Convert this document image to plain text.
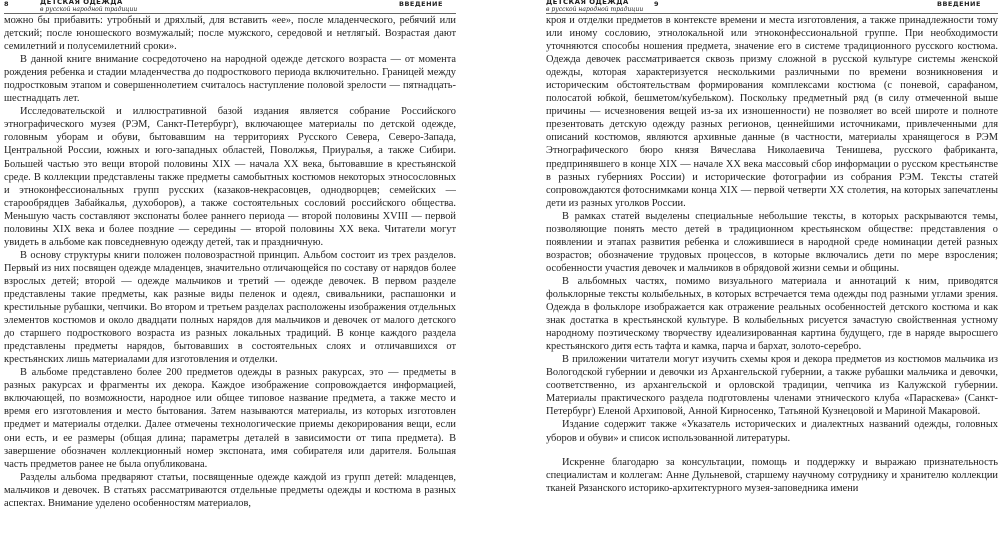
8	ДЕТСКАЯ ОДЕЖДА
в русской народной традиции
ВВЕДЕНИЕ

можно бы прибавить: утробный и дряхлый, для вставить «ее», после младенческого, ребячий или детский; после юношеского возмужалый; после мужского, середовой и нетлягый. Возрастая дают семилетний и полусемилетний сроки».

В данной книге внимание сосредоточено на народной одежде детского возраста — от момента рождения ребенка и стадии младенчества до подросткового периода включительно. Границей между подростковым этапом и совершеннолетием считалось наступление половой зрелости — пятнадцать-шестнадцать лет.

Исследовательской и иллюстративной базой издания является собрание Российского этнографического музея (РЭМ, Санкт-Петербург), включающее материалы по детской одежде, головным уборам и обуви, бытовавшим на территориях Русского Севера, Северо-Запада, Центральной России, южных и юго-западных областей, Поволжья, Приуралья, а также Сибири. Большей частью это вещи второй половины XIX — начала XX века, бытовавшие в крестьянской среде. В коллекции представлены также предметы самобытных костюмов некоторых этносословных и этноконфессиональных групп русских (казаков-некрасовцев, однодворцев; семейских — старообрядцев Забайкалья, духоборов), а также состоятельных сословий российского общества. Меньшую часть составляют экспонаты более раннего периода — второй половины XVIII — первой половины XIX века и более поздние — середины — второй половины XX века. Читатели могут увидеть в альбоме как повседневную одежду детей, так и праздничную.

В основу структуры книги положен половозрастной принцип. Альбом состоит из трех разделов. Первый из них посвящен одежде младенцев, значительно отличающейся по составу от нарядов более взрослых детей; второй — одежде мальчиков и третий — одежде девочек. В первом разделе представлены такие предметы, как разные виды пеленок и одеял, свивальники, распашонки и крестильные рубашки, чепчики. Во втором и третьем разделах расположены изображения отдельных элементов костюмов и около двадцати полных нарядов для мальчиков и девочек от малого детского до старшего подросткового возраста из разных локальных традиций. В конце каждого раздела представлены предметы нарядов, бытовавших в состоятельных слоях и отличавшихся от крестьянских лишь материалами для изготовления и отделки.

В альбоме представлено более 200 предметов одежды в разных ракурсах, это — предметы в разных ракурсах и фрагменты их декора. Каждое изображение сопровождается информацией, включающей, по возможности, народное или общее типовое название предмета, а также место и время его изготовления и место бытования. Затем называются материалы, из которых изготовлен предмет и материалы отделки. Далее отмечены технологические приемы декорирования вещи, если они есть, и ее размеры (общая длина; параметры деталей в зависимости от типа предмета). В завершение обозначен коллекционный номер экспоната, имя собирателя или дарителя. Большая часть предметов ранее не была опубликована.

Разделы альбома предваряют статьи, посвященные одежде каждой из групп детей: младенцев, мальчиков и девочек. В статьях рассматриваются отдельные предметы одежды и костюма в разных аспектах. Внимание уделено особенностям материалов,

ДЕТСКАЯ ОДЕЖДА
в русской народной традиции
9	ВВЕДЕНИЕ

кроя и отделки предметов в контексте времени и места изготовления, а также принадлежности тому или иному сословию, этнолокальной или этноконфессиональной группе. При необходимости уточняются способы ношения предмета, значение его в системе традиционного русского костюма. Одежда девочек рассматривается сквозь призму сложной в русской культуре системы женской одежды, которая характеризуется несколькими различными по времени возникновения и историческим обстоятельствам формирования комплексами костюма (с поневой, сарафаном, полосатой юбкой, бешметом/кубельком). Поскольку предметный ряд (в силу отмеченной выше причины — исчезновения вещей из-за их изношенности) не позволяет во всей широте и полноте презентовать детскую одежду разных регионов, ценнейшими источниками, привлеченными для описаний костюмов, являются архивные данные (в частности, материалы хранящегося в РЭМ Этнографического бюро князя Вячеслава Николаевича Тенишева, русского фабриканта, предпринявшего в конце XIX — начале XX века массовый сбор информации о русском крестьянстве в разных губерниях России) и исторические фотографии из собрания РЭМ. Тексты статей сопровождаются фотоснимками конца XIX — первой четверти XX столетия, на которых запечатлены дети из разных уголков России.

В рамках статей выделены специальные небольшие тексты, в которых раскрываются темы, позволяющие понять место детей в традиционном крестьянском обществе: представления о появлении и этапах развития ребенка и сложившиеся в народной среде номинации детей разных возрастов; обозначение трудовых процессов, в которые включались дети по мере взросления; особенности участия девочек и мальчиков в обрядовой жизни семьи и общины.

В альбомных частях, помимо визуального материала и аннотаций к ним, приводятся фольклорные тексты колыбельных, в которых встречается тема одежды под разными углами зрения. Одежда в фольклоре изображается как отражение реальных особенностей детского костюма и как знак достатка в крестьянской культуре. В колыбельных рисуется зачастую свойственная устному народному поэтическому творчеству идеализированная картина будущего, где в наряде выросшего крестьянского дитя есть тафта и камка, парча и бархат, золото-серебро.

В приложении читатели могут изучить схемы кроя и декора предметов из костюмов мальчика из Вологодской губернии и девочки из Архангельской губернии, а также рубашки мальчика и девочки, соответственно, из архангельской и орловской традиции, чепчика из Калужской губернии. Материалы практического раздела подготовлены членами этнического клуба «Параскева» (Санкт-Петербург) Еленой Архиповой, Анной Кирносенко, Татьяной Кузнецовой и Мариной Макаровой.

Издание содержит также «Указатель исторических и диалектных названий одежды, головных уборов и обуви» и список использованной литературы.

Искренне благодарю за консультации, помощь и поддержку и выражаю признательность специалистам и коллегам: Анне Дульневой, старшему научному сотруднику и хранителю коллекции тканей Рязанского историко-архитектурного музея-заповедника имени
